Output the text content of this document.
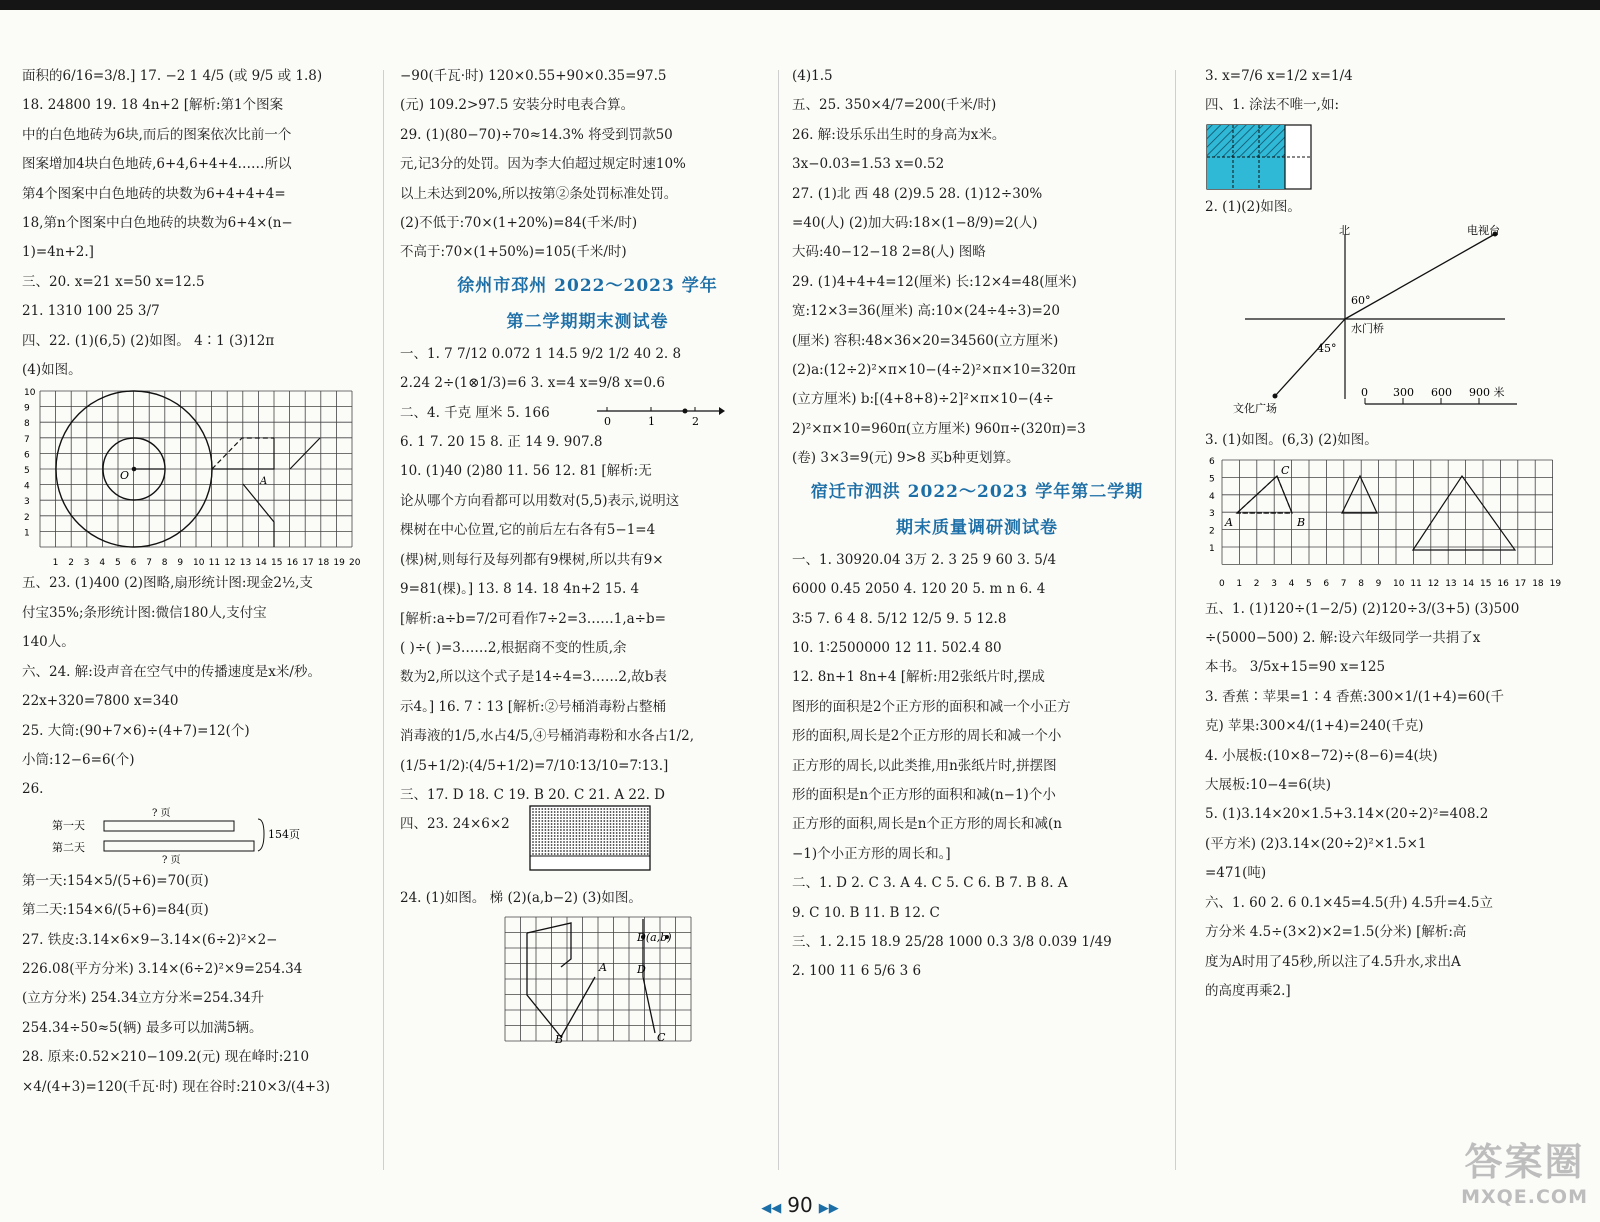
面积的6/16=3/8.] 17. −2 1 4/5 (或 9/5 或 1.8)

18. 24800 19. 18 4n+2 [解析:第1个图案

中的白色地砖为6块,而后的图案依次比前一个

图案增加4块白色地砖,6+4,6+4+4……所以

第4个图案中白色地砖的块数为6+4+4+4=

18,第n个图案中白色地砖的块数为6+4×(n−

1)=4n+2.]

三、20. x=21 x=50 x=12.5

21. 1310 100 25 3/7

四、22. (1)(6,5) (2)如图。 4∶1 (3)12π

(4)如图。

1 2 3 4 5 6 7 8 9 10 11 12 13 14 15 16 17 18 19 20
1
2
3
4
5
6
7
8
9
10
O	A

五、23. (1)400 (2)图略,扇形统计图:现金2½,支

付宝35%;条形统计图:微信180人,支付宝

140人。

六、24. 解:设声音在空气中的传播速度是x米/秒。

22x+320=7800 x=340

25. 大筒:(90+7×6)÷(4+7)=12(个)

小筒:12−6=6(个)

26.

第一天
第二天
? 页
? 页
154页

第一天:154×5/(5+6)=70(页)

第二天:154×6/(5+6)=84(页)

27. 铁皮:3.14×6×9−3.14×(6÷2)²×2−

226.08(平方分米) 3.14×(6÷2)²×9=254.34

(立方分米) 254.34立方分米=254.34升

254.34÷50≈5(辆) 最多可以加满5辆。

28. 原来:0.52×210−109.2(元) 现在峰时:210

×4/(4+3)=120(千瓦·时) 现在谷时:210×3/(4+3)

−90(千瓦·时) 120×0.55+90×0.35=97.5

(元) 109.2>97.5 安装分时电表合算。

29. (1)(80−70)÷70≈14.3% 将受到罚款50

元,记3分的处罚。因为李大伯超过规定时速10%

以上未达到20%,所以按第②条处罚标准处罚。

(2)不低于:70×(1+20%)=84(千米/时)

不高于:70×(1+50%)=105(千米/时)

徐州市邳州 2022～2023 学年
第二学期期末测试卷

一、1. 7 7/12 0.072 1 14.5 9/2 1/2 40 2. 8

2.24 2÷(1⊗1/3)=6 3. x=4 x=9/8 x=0.6

二、4. 千克 厘米 5. 166

0	1	2

6. 1 7. 20 15 8. 正 14 9. 907.8

10. (1)40 (2)80 11. 56 12. 81 [解析:无

论从哪个方向看都可以用数对(5,5)表示,说明这

棵树在中心位置,它的前后左右各有5−1=4

(棵)树,则每行及每列都有9棵树,所以共有9×

9=81(棵)。] 13. 8 14. 18 4n+2 15. 4

[解析:a÷b=7/2可看作7÷2=3……1,a÷b=

( )÷( )=3……2,根据商不变的性质,余

数为2,所以这个式子是14÷4=3……2,故b表

示4。] 16. 7∶13 [解析:②号桶消毒粉占整桶

消毒液的1/5,水占4/5,④号桶消毒粉和水各占1/2,

(1/5+1/2)∶(4/5+1/2)=7/10∶13/10=7∶13.]

三、17. D 18. C 19. B 20. C 21. A 22. D

四、23. 24×6×2

24. (1)如图。 梯 (2)(a,b−2) (3)如图。

A
B	C
D
D(a,b)

(4)1.5

五、25. 350×4/7=200(千米/时)

26. 解:设乐乐出生时的身高为x米。

3x−0.03=1.53 x=0.52

27. (1)北 西 48 (2)9.5 28. (1)12÷30%

=40(人) (2)加大码:18×(1−8/9)=2(人)

大码:40−12−18 2=8(人) 图略

29. (1)4+4+4=12(厘米) 长:12×4=48(厘米)

宽:12×3=36(厘米) 高:10×(24÷4÷3)=20

(厘米) 容积:48×36×20=34560(立方厘米)

(2)a:(12÷2)²×π×10−(4÷2)²×π×10=320π

(立方厘米) b:[(4+8+8)÷2]²×π×10−(4÷

2)²×π×10=960π(立方厘米) 960π÷(320π)=3

(卷) 3×3=9(元) 9>8 买b种更划算。

宿迁市泗洪 2022～2023 学年第二学期
期末质量调研测试卷

一、1. 30920.04 3万 2. 3 25 9 60 3. 5/4

6000 0.45 2050 4. 120 20 5. m n 6. 4

3∶5 7. 6 4 8. 5/12 12/5 9. 5 12.8

10. 1∶2500000 12 11. 502.4 80

12. 8n+1 8n+4 [解析:用2张纸片时,摆成

图形的面积是2个正方形的面积和减一个小正方

形的面积,周长是2个正方形的周长和减一个小

正方形的周长,以此类推,用n张纸片时,拼摆图

形的面积是n个正方形的面积和减(n−1)个小

正方形的面积,周长是n个正方形的周长和减(n

−1)个小正方形的周长和。]

二、1. D 2. C 3. A 4. C 5. C 6. B 7. B 8. A

9. C 10. B 11. B 12. C

三、1. 2.15 18.9 25/28 1000 0.3 3/8 0.039 1/49

2. 100 11 6 5/6 3 6

3. x=7/6 x=1/2 x=1/4

四、1. 涂法不唯一,如:

2. (1)(2)如图。

北	电视台
60°
45°
水门桥
文化广场
0 300 600 900 米

3. (1)如图。(6,3) (2)如图。

0 1 2 3 4 5 6 7 8 9 10 11 12 13 14 15 16 17 18 19
1
2
3
4
5
6
A	B
C

五、1. (1)120÷(1−2/5) (2)120÷3/(3+5) (3)500

÷(5000−500) 2. 解:设六年级同学一共捐了x

本书。 3/5x+15=90 x=125

3. 香蕉∶苹果=1∶4 香蕉:300×1/(1+4)=60(千

克) 苹果:300×4/(1+4)=240(千克)

4. 小展板:(10×8−72)÷(8−6)=4(块)

大展板:10−4=6(块)

5. (1)3.14×20×1.5+3.14×(20÷2)²=408.2

(平方米) (2)3.14×(20÷2)²×1.5×1

=471(吨)

六、1. 60 2. 6 0.1×45=4.5(升) 4.5升=4.5立

方分米 4.5÷(3×2)×2=1.5(分米) [解析:高

度为A时用了45秒,所以注了4.5升水,求出A

的高度再乘2.]

◀◀ 90 ▶▶
答案圈
MXQE.COM
